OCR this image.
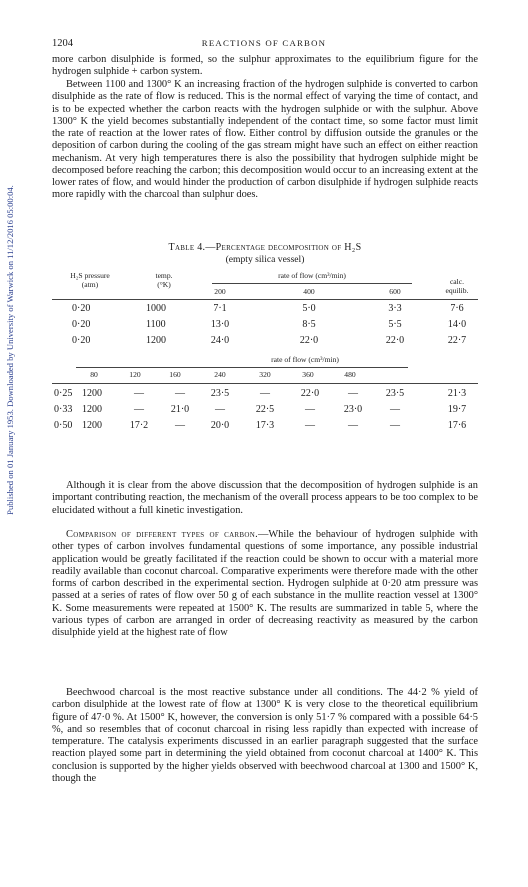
Published on 01 January 1953. Downloaded by University of Warwick on 11/12/2016 05:00:04.
1204	REACTIONS OF CARBON

more carbon disulphide is formed, so the sulphur approximates to the equilibrium figure for the hydrogen sulphide + carbon system.

Between 1100 and 1300° K an increasing fraction of the hydrogen sulphide is converted to carbon disulphide as the rate of flow is reduced. This is the normal effect of varying the time of contact, and is to be expected whether the carbon reacts with the hydrogen sulphide or with the sulphur. Above 1300° K the yield becomes substantially independent of the contact time, so some factor must limit the rate of reaction at the lower rates of flow. Either control by diffusion outside the granules or the deposition of carbon during the cooling of the gas stream might have such an effect on either reaction mechanism. At very high temperatures there is also the possibility that hydrogen sulphide might be decomposed before reaching the carbon; this decomposition would occur to an increasing extent at the lower rates of flow, and would hinder the production of carbon disulphide if hydrogen sulphide reacts more rapidly with the charcoal than sulphur does.

Table 4.—Percentage decomposition of H₂S
(empty silica vessel)
H₂S pressure
(atm)
temp.
(°K)
rate of flow (cm³/min)
calc.
equilib.
200	400	600
0·20	1000	7·1	5·0	3·3	7·6
0·20	1100	13·0	8·5	5·5	14·0
0·20	1200	24·0	22·0	22·0	22·7
rate of flow (cm³/min)
80	120	160	240	320	360	480
0·25 1200	—	—	23·5	—	22·0	—	23·5	21·3
0·33 1200	—	21·0	—	22·5	—	23·0	—	19·7
0·50 1200	17·2	—	20·0	17·3	—	—	—	17·6

Although it is clear from the above discussion that the decomposition of hydrogen sulphide is an important contributing reaction, the mechanism of the overall process appears to be too complex to be elucidated without a full kinetic investigation.

Comparison of different types of carbon.—While the behaviour of hydrogen sulphide with other types of carbon involves fundamental questions of some importance, any possible industrial application would be greatly facilitated if the reaction could be shown to occur with a material more readily available than coconut charcoal. Comparative experiments were therefore made with the other forms of carbon described in the experimental section. Hydrogen sulphide at 0·20 atm pressure was passed at a series of rates of flow over 50 g of each substance in the mullite reaction vessel at 1300° K. Some measurements were repeated at 1500° K. The results are summarized in table 5, where the various types of carbon are arranged in order of decreasing reactivity as measured by the carbon disulphide yield at the highest rate of flow

Beechwood charcoal is the most reactive substance under all conditions. The 44·2 % yield of carbon disulphide at the lowest rate of flow at 1300° K is very close to the theoretical equilibrium figure of 47·0 %. At 1500° K, however, the conversion is only 51·7 % compared with a possible 64·5 %, and so resembles that of coconut charcoal in rising less rapidly than expected with increase of temperature. The catalysis experiments discussed in an earlier paragraph suggested that the surface reaction played some part in determining the yield obtained from coconut charcoal at 1400° K. This conclusion is supported by the higher yields observed with beechwood charcoal at 1300 and 1500° K, though the
